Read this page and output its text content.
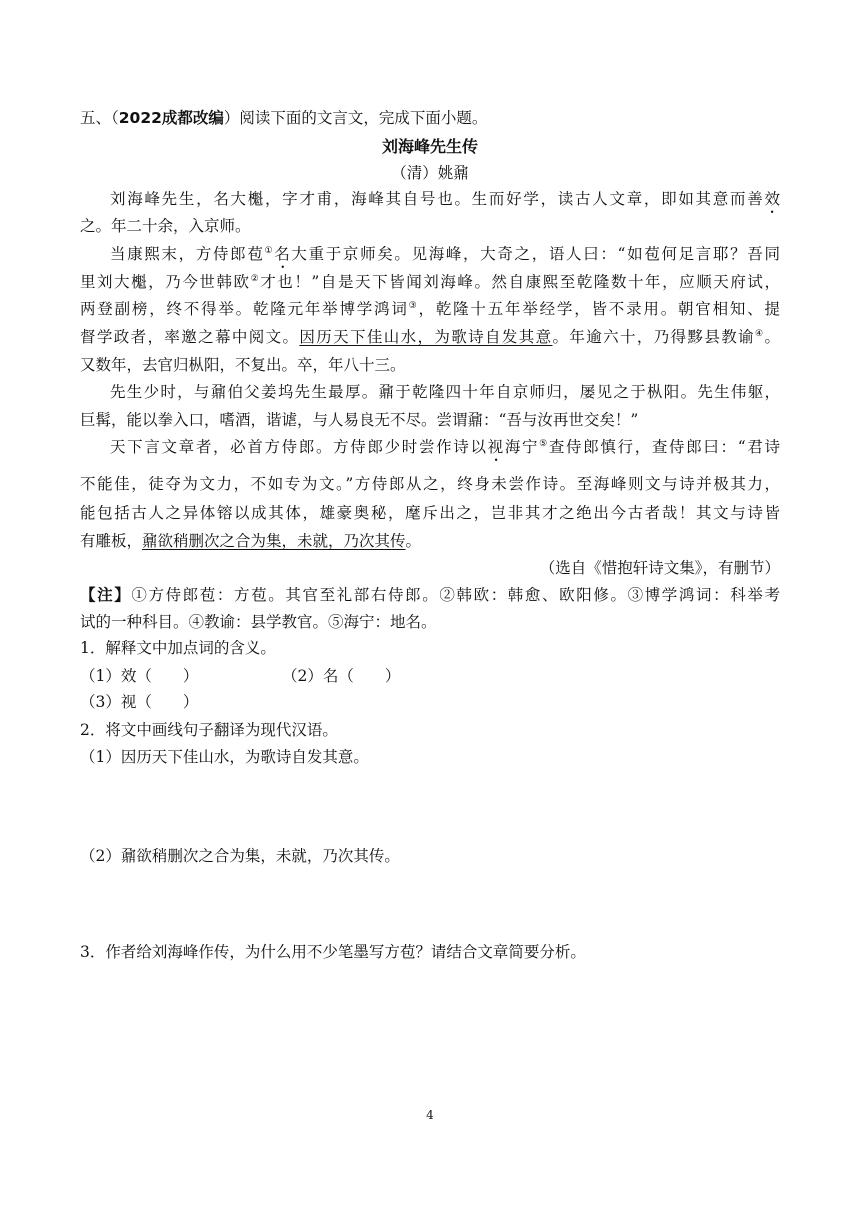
五、（2022成都改编）阅读下面的文言文，完成下面小题。
刘海峰先生传
（清）姚鼐
刘海峰先生，名大櫆，字才甫，海峰其自号也。生而好学，读古人文章，即如其意而善效
之。年二十余，入京师。
当康熙末，方侍郎苞①名大重于京师矣。见海峰，大奇之，语人曰：“如苞何足言耶？吾同
里刘大櫆，乃今世韩欧②才也！”自是天下皆闻刘海峰。然自康熙至乾隆数十年，应顺天府试，
两登副榜，终不得举。乾隆元年举博学鸿词③，乾隆十五年举经学，皆不录用。朝官相知、提
督学政者，率邀之幕中阅文。因历天下佳山水，为歌诗自发其意。年逾六十，乃得黟县教谕④。
又数年，去官归枞阳，不复出。卒，年八十三。
先生少时，与鼐伯父姜坞先生最厚。鼐于乾隆四十年自京师归，屡见之于枞阳。先生伟躯，
巨髯，能以拳入口，嗜酒，谐谑，与人易良无不尽。尝谓鼐：“吾与汝再世交矣！”
天下言文章者，必首方侍郎。方侍郎少时尝作诗以视海宁⑤查侍郎慎行，查侍郎曰：“君诗
不能佳，徒夺为文力，不如专为文。”方侍郎从之，终身未尝作诗。至海峰则文与诗并极其力，
能包括古人之异体镕以成其体，雄豪奥秘，麾斥出之，岂非其才之绝出今古者哉！其文与诗皆
有雕板，鼐欲稍删次之合为集，未就，乃次其传。
（选自《惜抱轩诗文集》，有删节）
【注】①方侍郎苞：方苞。其官至礼部右侍郎。②韩欧：韩愈、欧阳修。③博学鸿词：科举考
试的一种科目。④教谕：县学教官。⑤海宁：地名。
1．解释文中加点词的含义。
（1）效（　　）	（2）名（　　）
（3）视（　　）
2．将文中画线句子翻译为现代汉语。
（1）因历天下佳山水，为歌诗自发其意。
（2）鼐欲稍删次之合为集，未就，乃次其传。
3．作者给刘海峰作传，为什么用不少笔墨写方苞？请结合文章简要分析。
4
